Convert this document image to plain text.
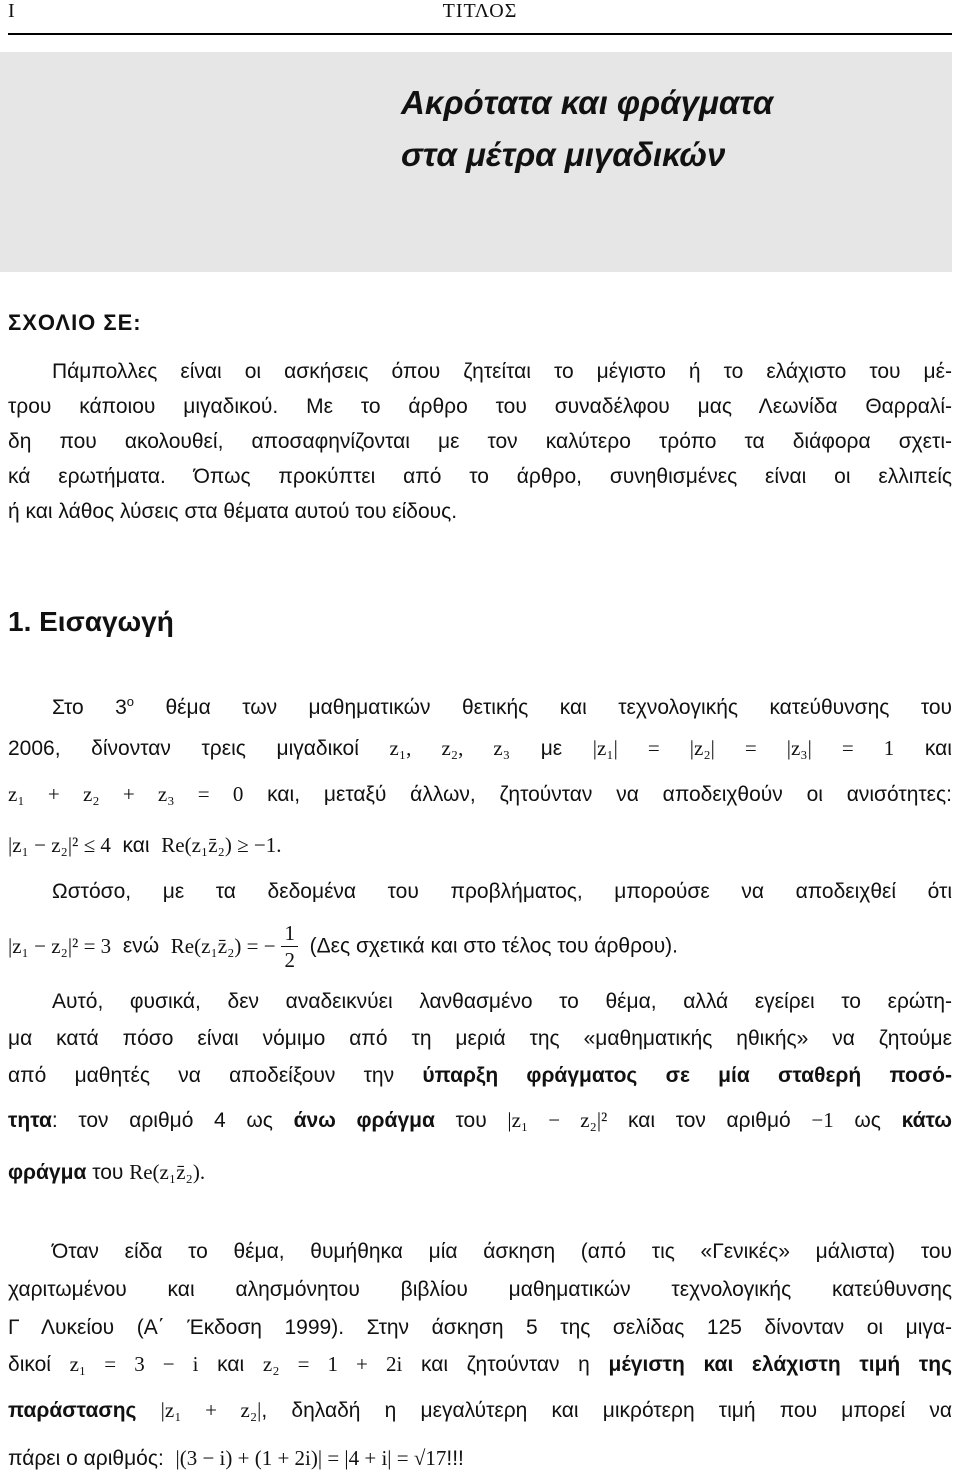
I	ΤΙΤΛΟΣ
Ακρότατα και φράγματα
στα μέτρα μιγαδικών
ΣΧΟΛΙΟ ΣΕ:
Πάμπολλες είναι οι ασκήσεις όπου ζητείται το μέγιστο ή το ελάχιστο του μέ-
τρου κάποιου μιγαδικού. Με το άρθρο του συναδέλφου μας Λεωνίδα Θαρραλί-
δη που ακολουθεί, αποσαφηνίζονται με τον καλύτερο τρόπο τα διάφορα σχετι-
κά ερωτήματα. Όπως προκύπτει από το άρθρο, συνηθισμένες είναι οι ελλιπείς
ή και λάθος λύσεις στα θέματα αυτού του είδους.
1. Εισαγωγή
Στο $3^o$ θέμα των μαθηματικών θετικής και τεχνολογικής κατεύθυνσης του
2006, δίνονταν τρεις μιγαδικοί z₁, z₂, z₃ με |z₁| = |z₂| = |z₃| = 1 και
z₁ + z₂ + z₃ = 0 και, μεταξύ άλλων, ζητούνταν να αποδειχθούν οι ανισότητες:
|z₁ − z₂|² ≤ 4 και Re(z₁z̄₂) ≥ −1.
Ωστόσο, με τα δεδομένα του προβλήματος, μπορούσε να αποδειχθεί ότι
|z₁ − z₂|² = 3 ενώ Re(z₁z̄₂) = − $\frac{1}{2} (\Delta\varepsilon\varsigma$ σχετικά και στο τέλος του άρθρου).
Αυτό, φυσικά, δεν αναδεικνύει λανθασμένο το θέμα, αλλά εγείρει το ερώτη-
μα κατά πόσο είναι νόμιμο από τη μεριά της «μαθηματικής ηθικής» να ζητούμε
από μαθητές να αποδείξουν την ύπαρξη φράγματος σε μία σταθερή ποσό-
τητα: τον αριθμό 4 ως άνω φράγμα του |z₁ − z₂|² και τον αριθμό −1 ως κάτω
φράγμα του Re(z₁z̄₂).
Όταν είδα το θέμα, θυμήθηκα μία άσκηση (από τις «Γενικές» μάλιστα) του
χαριτωμένου και αλησμόνητου βιβλίου μαθηματικών τεχνολογικής κατεύθυνσης
Γ Λυκείου (Α΄ Έκδοση 1999). Στην άσκηση 5 της σελίδας 125 δίνονταν οι μιγα-
δικοί z₁ = 3 − i και z₂ = 1 + 2i και ζητούνταν η μέγιστη και ελάχιστη τιμή της
παράστασης |z₁ + z₂|, δηλαδή η μεγαλύτερη και μικρότερη τιμή που μπορεί να
πάρει ο αριθμός: |(3 − i) + (1 + 2i)| = |4 + i| = √17!!!
